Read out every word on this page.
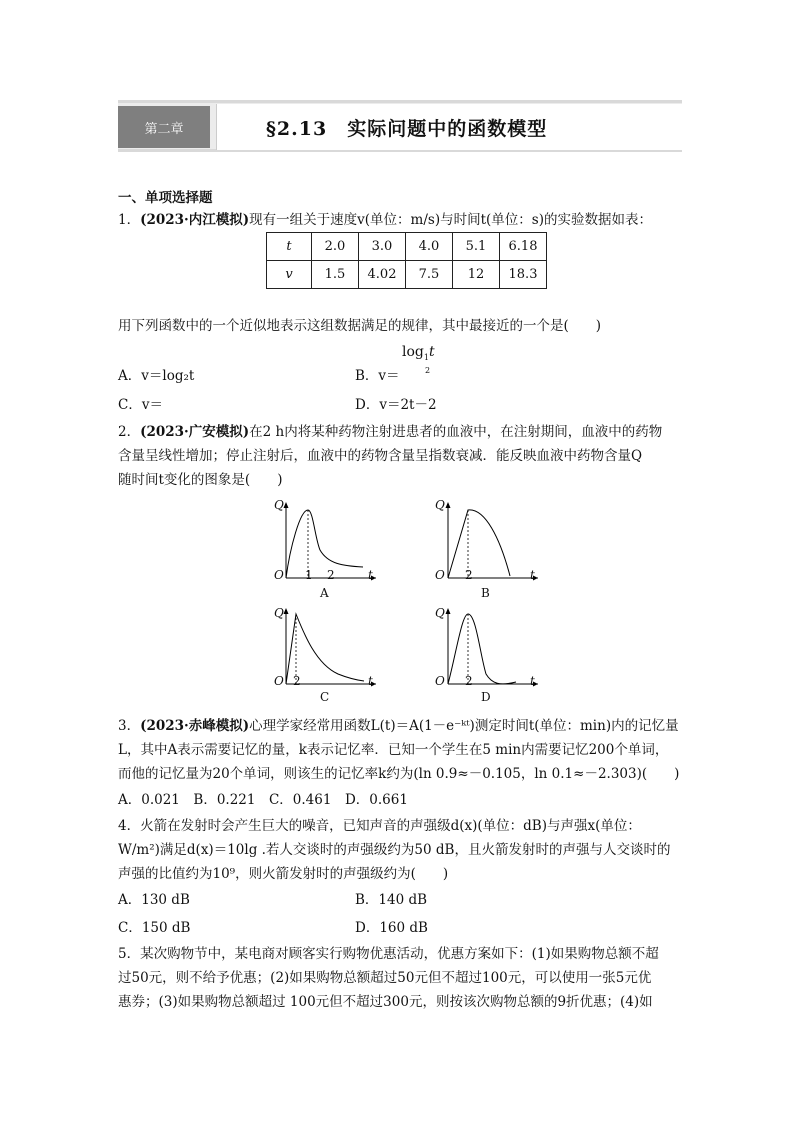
第二章	§2.13　实际问题中的函数模型
一、单项选择题
1．(2023·内江模拟)现有一组关于速度v(单位：m/s)与时间t(单位：s)的实验数据如表：
t	2.0	3.0	4.0	5.1	6.18
v	1.5	4.02	7.5	12	18.3
用下列函数中的一个近似地表示这组数据满足的规律，其中最接近的一个是(　　)
$\log_1t$
2
A．v＝log₂t	B．v＝
C．v＝	D．v＝2t－2
2．(2023·广安模拟)在2 h内将某种药物注射进患者的血液中，在注射期间，血液中的药物
含量呈线性增加；停止注射后，血液中的药物含量呈指数衰减．能反映血液中药物含量Q
随时间t变化的图象是(　　)
Q
O 1 2	t
A
Q
O 2	t
B
Q
O 2	t
C
Q
O 2	t
D
3．(2023·赤峰模拟)心理学家经常用函数L(t)＝A(1－e⁻ᵏᵗ)测定时间t(单位：min)内的记忆量
L，其中A表示需要记忆的量，k表示记忆率．已知一个学生在5 min内需要记忆200个单词，
而他的记忆量为20个单词，则该生的记忆率k约为(ln 0.9≈－0.105，ln 0.1≈－2.303)(　　)
A．0.021　B．0.221　C．0.461　D．0.661
4．火箭在发射时会产生巨大的噪音，已知声音的声强级d(x)(单位：dB)与声强x(单位：
W/m²)满足d(x)＝10lg .若人交谈时的声强级约为50 dB，且火箭发射时的声强与人交谈时的
声强的比值约为10⁹，则火箭发射时的声强级约为(　　)
A．130 dB	B．140 dB
C．150 dB	D．160 dB
5．某次购物节中，某电商对顾客实行购物优惠活动，优惠方案如下：(1)如果购物总额不超
过50元，则不给予优惠；(2)如果购物总额超过50元但不超过100元，可以使用一张5元优
惠券；(3)如果购物总额超过 100元但不超过300元，则按该次购物总额的9折优惠；(4)如
